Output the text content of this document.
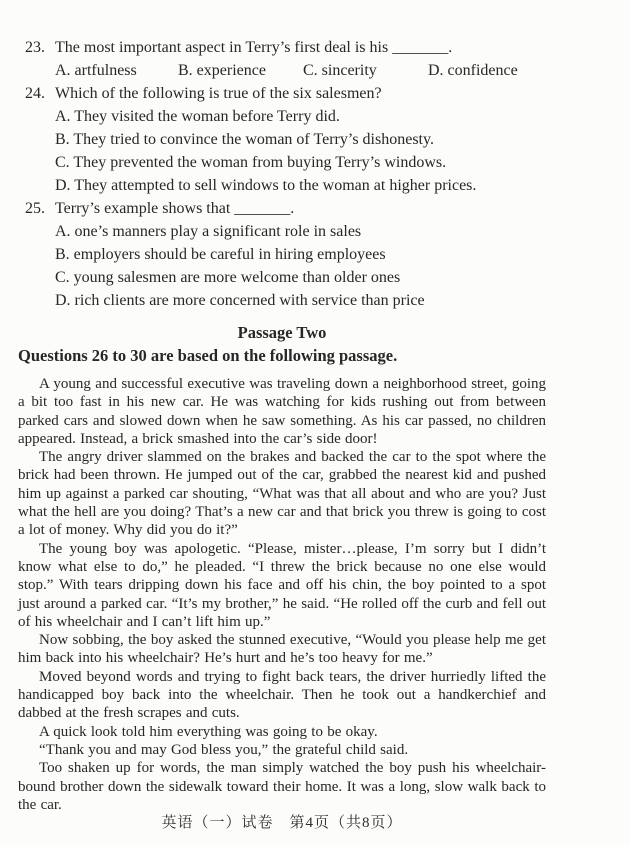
23. The most important aspect in Terry’s first deal is his _______.
A. artfulness	B. experience	C. sincerity	D. confidence
24. Which of the following is true of the six salesmen?
A. They visited the woman before Terry did.
B. They tried to convince the woman of Terry’s dishonesty.
C. They prevented the woman from buying Terry’s windows.
D. They attempted to sell windows to the woman at higher prices.
25. Terry’s example shows that _______.
A. one’s manners play a significant role in sales
B. employers should be careful in hiring employees
C. young salesmen are more welcome than older ones
D. rich clients are more concerned with service than price
Passage Two
Questions 26 to 30 are based on the following passage.

A young and successful executive was traveling down a neighborhood street, going a bit too fast in his new car. He was watching for kids rushing out from between parked cars and slowed down when he saw something. As his car passed, no children appeared. Instead, a brick smashed into the car’s side door!

The angry driver slammed on the brakes and backed the car to the spot where the brick had been thrown. He jumped out of the car, grabbed the nearest kid and pushed him up against a parked car shouting, “What was that all about and who are you? Just what the hell are you doing? That’s a new car and that brick you threw is going to cost a lot of money. Why did you do it?”

The young boy was apologetic. “Please, mister…please, I’m sorry but I didn’t know what else to do,” he pleaded. “I threw the brick because no one else would stop.” With tears dripping down his face and off his chin, the boy pointed to a spot just around a parked car. “It’s my brother,” he said. “He rolled off the curb and fell out of his wheelchair and I can’t lift him up.”

Now sobbing, the boy asked the stunned executive, “Would you please help me get him back into his wheelchair? He’s hurt and he’s too heavy for me.”

Moved beyond words and trying to fight back tears, the driver hurriedly lifted the handicapped boy back into the wheelchair. Then he took out a handkerchief and dabbed at the fresh scrapes and cuts.

A quick look told him everything was going to be okay.

“Thank you and may God bless you,” the grateful child said.

Too shaken up for words, the man simply watched the boy push his wheelchair-bound brother down the sidewalk toward their home. It was a long, slow walk back to the car.

英语（一）试卷　第4页（共8页）
